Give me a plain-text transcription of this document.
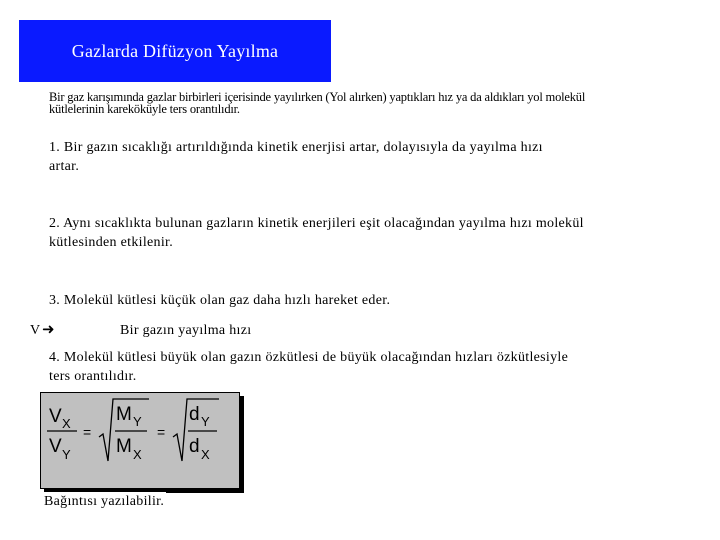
Gazlarda Difüzyon Yayılma
Bir gaz karışımında gazlar birbirleri içerisinde yayılırken (Yol alırken) yaptıkları hız ya da aldıkları yol molekül kütlelerinin kareköküyle ters orantılıdır.
1. Bir gazın sıcaklığı artırıldığında kinetik enerjisi artar, dolayısıyla da yayılma hızı artar.
2. Aynı sıcaklıkta bulunan gazların kinetik enerjileri eşit olacağından yayılma hızı molekül kütlesinden etkilenir.
3. Molekül kütlesi küçük olan gaz daha hızlı hareket eder.
V ➜	Bir gazın yayılma hızı
4. Molekül kütlesi büyük olan gazın özkütlesi de büyük olacağından hızları özkütlesiyle ters orantılıdır.
V X
V Y
=
M Y
M X
=
d Y
d X
Bağıntısı yazılabilir.
